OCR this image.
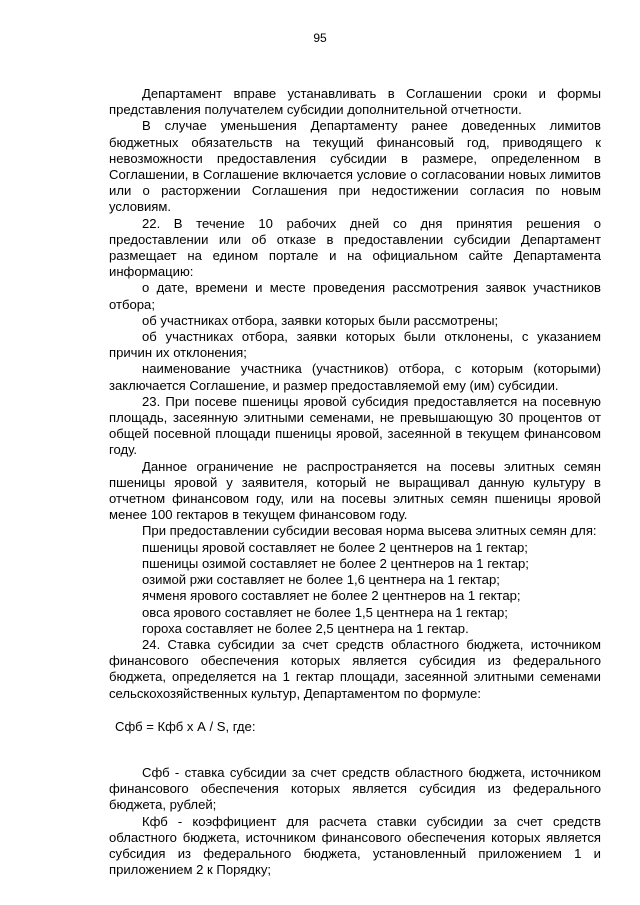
95

Департамент вправе устанавливать в Соглашении сроки и формы представления получателем субсидии дополнительной отчетности.

В случае уменьшения Департаменту ранее доведенных лимитов бюджетных обязательств на текущий финансовый год, приводящего к невозможности предоставления субсидии в размере, определенном в Соглашении, в Соглашение включается условие о согласовании новых лимитов или о расторжении Соглашения при недостижении согласия по новым условиям.

22. В течение 10 рабочих дней со дня принятия решения о предоставлении или об отказе в предоставлении субсидии Департамент размещает на едином портале и на официальном сайте Департамента информацию:

о дате, времени и месте проведения рассмотрения заявок участников отбора;

об участниках отбора, заявки которых были рассмотрены;

об участниках отбора, заявки которых были отклонены, с указанием причин их отклонения;

наименование участника (участников) отбора, с которым (которыми) заключается Соглашение, и размер предоставляемой ему (им) субсидии.

23. При посеве пшеницы яровой субсидия предоставляется на посевную площадь, засеянную элитными семенами, не превышающую 30 процентов от общей посевной площади пшеницы яровой, засеянной в текущем финансовом году.

Данное ограничение не распространяется на посевы элитных семян пшеницы яровой у заявителя, который не выращивал данную культуру в отчетном финансовом году, или на посевы элитных семян пшеницы яровой менее 100 гектаров в текущем финансовом году.

При предоставлении субсидии весовая норма высева элитных семян для:

пшеницы яровой составляет не более 2 центнеров на 1 гектар;

пшеницы озимой составляет не более 2 центнеров на 1 гектар;

озимой ржи составляет не более 1,6 центнера на 1 гектар;

ячменя ярового составляет не более 2 центнеров на 1 гектар;

овса ярового составляет не более 1,5 центнера на 1 гектар;

гороха составляет не более 2,5 центнера на 1 гектар.

24. Ставка субсидии за счет средств областного бюджета, источником финансового обеспечения которых является субсидия из федерального бюджета, определяется на 1 гектар площади, засеянной элитными семенами сельскохозяйственных культур, Департаментом по формуле:

Сфб = Кфб х А / S, где:

Сфб - ставка субсидии за счет средств областного бюджета, источником финансового обеспечения которых является субсидия из федерального бюджета, рублей;

Кфб - коэффициент для расчета ставки субсидии за счет средств областного бюджета, источником финансового обеспечения которых является субсидия из федерального бюджета, установленный приложением 1 и приложением 2 к Порядку;
